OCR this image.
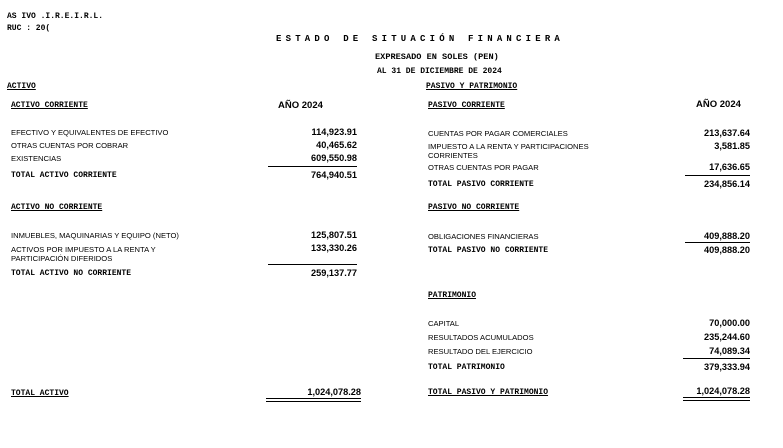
AS IVO .I.R.E.I.R.L.
RUC : 20(
ESTADO DE SITUACIÓN FINANCIERA
EXPRESADO EN SOLES (PEN)
AL 31 DE DICIEMBRE DE 2024
ACTIVO	PASIVO Y PATRIMONIO
ACTIVO CORRIENTE	AÑO 2024
EFECTIVO Y EQUIVALENTES DE EFECTIVO	114,923.91
OTRAS CUENTAS POR COBRAR	40,465.62
EXISTENCIAS	609,550.98
TOTAL ACTIVO CORRIENTE	764,940.51
ACTIVO NO CORRIENTE
INMUEBLES, MAQUINARIAS Y EQUIPO (NETO)	125,807.51
ACTIVOS POR IMPUESTO A LA RENTA Y
PARTICIPACIÓN DIFERIDOS
133,330.26
TOTAL ACTIVO NO CORRIENTE	259,137.77
TOTAL ACTIVO	1,024,078.28
PASIVO CORRIENTE	AÑO 2024
CUENTAS POR PAGAR COMERCIALES	213,637.64
IMPUESTO A LA RENTA Y PARTICIPACIONES
CORRIENTES
3,581.85
OTRAS CUENTAS POR PAGAR	17,636.65
TOTAL PASIVO CORRIENTE	234,856.14
PASIVO NO CORRIENTE
OBLIGACIONES FINANCIERAS	409,888.20
TOTAL PASIVO NO CORRIENTE	409,888.20
PATRIMONIO
CAPITAL	70,000.00
RESULTADOS ACUMULADOS	235,244.60
RESULTADO DEL EJERCICIO	74,089.34
TOTAL PATRIMONIO	379,333.94
TOTAL PASIVO Y PATRIMONIO	1,024,078.28
